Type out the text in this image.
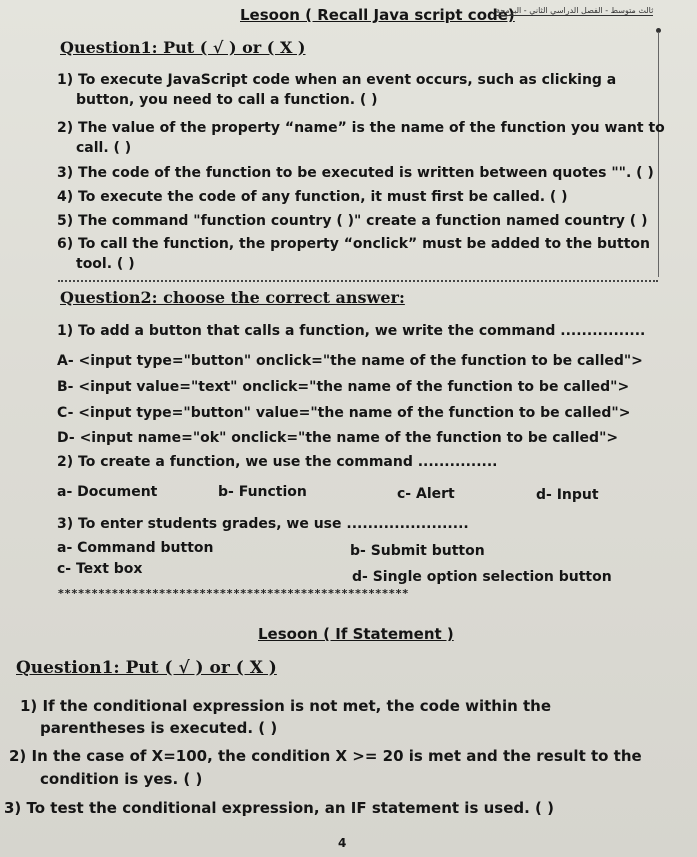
Lesoon ( Recall Java script code)
ثالث متوسط - الفصل الدراسي الثاني - البرمجة
Question1: Put ( √ ) or ( X )
1) To execute JavaScript code when an event occurs, such as clicking a
button, you need to call a function. ( )
2) The value of the property “name” is the name of the function you want to
call. ( )
3) The code of the function to be executed is written between quotes "". ( )
4) To execute the code of any function, it must first be called. ( )
5) The command "function country ( )" create a function named country ( )
6) To call the function, the property “onclick” must be added to the button
tool. ( )
Question2: choose the correct answer:
1) To add a button that calls a function, we write the command ................
A- <input type="button" onclick="the name of the function to be called">
B- <input value="text" onclick="the name of the function to be called">
C- <input type="button" value="the name of the function to be called">
D- <input name="ok" onclick="the name of the function to be called">
2) To create a function, we use the command ...............
a- Document	b- Function	c- Alert	d- Input
3) To enter students grades, we use .......................
a- Command button	b- Submit button
c- Text box	d- Single option selection button
****************************************************
Lesoon ( If Statement )
Question1: Put ( √ ) or ( X )
1) If the conditional expression is not met, the code within the
parentheses is executed. ( )
2) In the case of X=100, the condition X >= 20 is met and the result to the
condition is yes. ( )
3) To test the conditional expression, an IF statement is used. ( )
4
